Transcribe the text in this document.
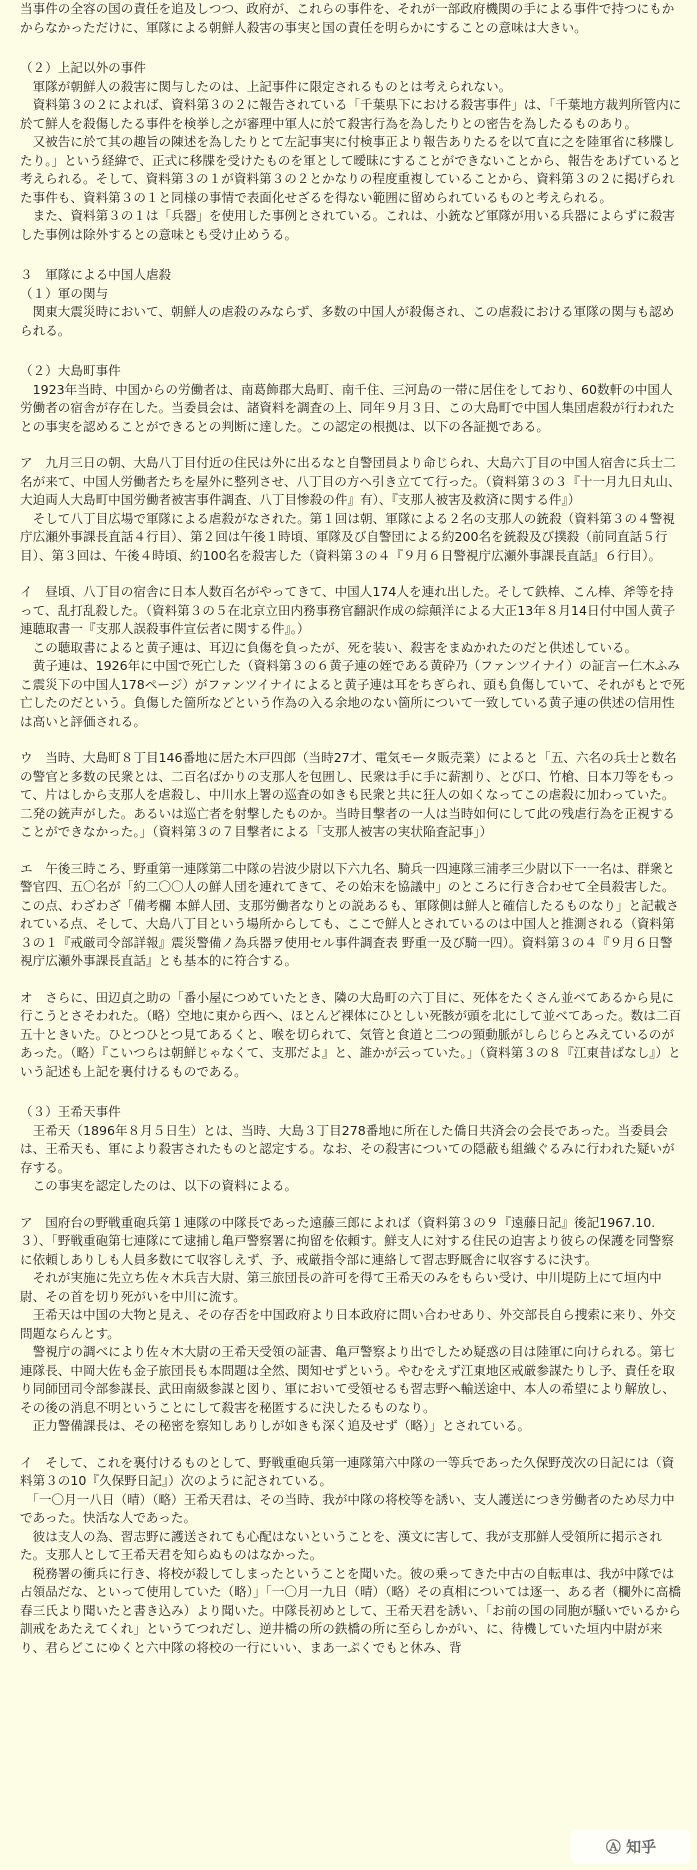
当事件の全容の国の責任を追及しつつ、政府が、これらの事件を、それが一部政府機関の手による事件で持つにもかからなかっただけに、軍隊による朝鮮人殺害の事実と国の責任を明らかにすることの意味は大きい。

（２）上記以外の事件

　軍隊が朝鮮人の殺害に関与したのは、上記事件に限定されるものとは考えられない。

　資料第３の２によれば、資料第３の２に報告されている「千葉県下における殺害事件」は、「千葉地方裁判所管内に於て鮮人を殺傷したる事件を検挙し之が審理中軍人に於て殺害行為を為したりとの密告を為したるものあり。

　又被告に於て其の趣旨の陳述を為したりとて左記事実に付検事正より報告ありたるを以て直に之を陸軍省に移牒したり。」という経緯で、正式に移牒を受けたものを軍として曖昧にすることができないことから、報告をあげていると考えられる。そして、資料第３の１が資料第３の２とかなりの程度重複していることから、資料第３の２に掲げられた事件も、資料第３の１と同様の事情で表面化せざるを得ない範囲に留められているものと考えられる。

　また、資料第３の１は「兵器」を使用した事例とされている。これは、小銃など軍隊が用いる兵器によらずに殺害した事例は除外するとの意味とも受け止めうる。

３　軍隊による中国人虐殺

（１）軍の関与

　関東大震災時において、朝鮮人の虐殺のみならず、多数の中国人が殺傷され、この虐殺における軍隊の関与も認められる。

（２）大島町事件

　1923年当時、中国からの労働者は、南葛飾郡大島町、南千住、三河島の一帯に居住をしており、60数軒の中国人労働者の宿舎が存在した。当委員会は、諸資料を調査の上、同年９月３日、この大島町で中国人集団虐殺が行われたとの事実を認めることができるとの判断に達した。この認定の根拠は、以下の各証拠である。

ア　九月三日の朝、大島八丁目付近の住民は外に出るなと自警団員より命じられ、大島六丁目の中国人宿舎に兵士二名が来て、中国人労働者たちを屋外に整列させ、八丁目の方へ引き立てて行った。（資料第３の３『十一月九日丸山、大迫両人大島町中国労働者被害事件調査、八丁目惨殺の件』有）、『支那人被害及救済に関する件』）

　そして八丁目広場で軍隊による虐殺がなされた。第１回は朝、軍隊による２名の支那人の銃殺（資料第３の４警視庁広瀬外事課長直話４行目）、第２回は午後１時頃、軍隊及び自警団による約200名を銃殺及び撲殺（前同直話５行目）、第３回は、午後４時頃、約100名を殺害した（資料第３の４『９月６日警視庁広瀬外事課長直話』６行目）。

イ　昼頃、八丁目の宿舎に日本人数百名がやってきて、中国人174人を連れ出した。そして鉄棒、こん棒、斧等を持って、乱打乱殺した。（資料第３の５在北京立田内務事務官翻訳作成の綜顛洋による大正13年８月14日付中国人黄子連聴取書一『支那人誤殺事件宣伝者に関する件』。）

　この聴取書によると黄子連は、耳辺に負傷を負ったが、死を装い、殺害をまぬかれたのだと供述している。

　黄子連は、1926年に中国で死亡した（資料第３の６黄子連の姪である黄砕乃（ファンツイナイ）の証言ー仁木ふみこ震災下の中国人178ページ）がファンツイナイによると黄子連は耳をちぎられ、頭も負傷していて、それがもとで死亡したのだという。負傷した箇所などという作為の入る余地のない箇所について一致している黄子連の供述の信用性は高いと評価される。

ウ　当時、大島町８丁目146番地に居た木戸四郎（当時27才、電気モータ販売業）によると「五、六名の兵士と数名の警官と多数の民衆とは、二百名ばかりの支那人を包囲し、民衆は手に手に薪割り、とび口、竹槍、日本刀等をもって、片はしから支那人を虐殺し、中川水上署の巡査の如きも民衆と共に狂人の如くなってこの虐殺に加わっていた。二発の銃声がした。あるいは巡亡者を射撃したものか。当時目撃者の一人は当時如何にして此の残虐行為を正視することができなかった。」（資料第３の７目撃者による「支那人被害の実状陥査記事」）

エ　午後三時ころ、野重第一連隊第二中隊の岩波少尉以下六九名、騎兵一四連隊三浦孝三少尉以下一一名は、群衆と警官四、五〇名が「約二〇〇人の鮮人団を連れてきて、その始末を協議中」のところに行き合わせて全員殺害した。この点、わざわざ「備考欄 本鮮人団、支那労働者なりとの説あるも、軍隊側は鮮人と確信したるものなり」と記載されている点、そして、大島八丁目という場所からしても、ここで鮮人とされているのは中国人と推測される（資料第３の１『戒厳司令部詳報』震災警備ノ為兵器ヲ使用セル事件調査表 野重一及び騎一四）。資料第３の４『９月６日警視庁広瀬外事課長直話』とも基本的に符合する。

オ　さらに、田辺貞之助の「番小屋につめていたとき、隣の大島町の六丁目に、死体をたくさん並べてあるから見に行こうとさそわれた。（略）空地に東から西へ、ほとんど裸体にひとしい死骸が頭を北にして並べてあった。数は二百五十ときいた。ひとつひとつ見てあるくと、喉を切られて、気管と食道と二つの頸動脈がしらじらとみえているのがあった。（略）『こいつらは朝鮮じゃなくて、支那だよ』と、誰かが云っていた。」（資料第３の８『江東昔ばなし』）という記述も上記を裏付けるものである。

（３）王希天事件

　王希天（1896年８月５日生）とは、当時、大島３丁目278番地に所在した僑日共済会の会長であった。当委員会は、王希天も、軍により殺害されたものと認定する。なお、その殺害についての隠蔽も組織ぐるみに行われた疑いが存する。

　この事実を認定したのは、以下の資料による。

ア　国府台の野戦重砲兵第１連隊の中隊長であった遠藤三郎によれば（資料第３の９『遠藤日記』後記1967.10.３）、「野戦重砲第七連隊にて逮捕し亀戸警察署に拘留を依頼す。鮮支人に対する住民の迫害より彼らの保護を同警察に依頼しありしも人員多数にて収容しえず、予、戒厳指令部に連絡して習志野厩舎に収容するに決す。

　それが実施に先立ち佐々木兵吉大尉、第三旅団長の許可を得て王希天のみをもらい受け、中川堤防上にて垣内中尉、その首を切り死がいを中川に流す。

　王希天は中国の大物と見え、その存否を中国政府より日本政府に問い合わせあり、外交部長自ら捜索に来り、外交問題ならんとす。

　警視庁の調べにより佐々木大尉の王希天受領の証書、亀戸警察より出でしため疑惑の目は陸軍に向けられる。第七連隊長、中岡大佐も金子旅団長も本問題は全然、関知せずという。やむをえず江東地区戒厳参謀たりし予、責任を取り同師団司令部参謀長、武田南級参謀と図り、軍において受領せるも習志野へ輸送途中、本人の希望により解放し、その後の消息不明ということにして殺害を秘匿するに決したるものなり。

　正力警備課長は、その秘密を察知しありしが如きも深く追及せず（略）」とされている。

イ　そして、これを裏付けるものとして、野戦重砲兵第一連隊第六中隊の一等兵であった久保野茂次の日記には（資料第３の10『久保野日記』）次のように記されている。

　「一〇月一八日（晴）（略）王希天君は、その当時、我が中隊の将校等を誘い、支人護送につき労働者のため尽力中であった。快活な人であった。

　彼は支人の為、習志野に護送されても心配はないということを、漢文に害して、我が支那鮮人受領所に掲示された。支那人として王希天君を知らぬものはなかった。

　税務署の衝兵に行き、将校が殺してしまったということを聞いた。彼の乗ってきた中古の自転車は、我が中隊では占領品だな、といって使用していた（略）」「一〇月一九日（晴）（略）その真相については逐一、ある者（欄外に高橋春三氏より聞いたと書き込み）より聞いた。中隊長初めとして、王希天君を誘い、「お前の国の同胞が騒いでいるから訓戒をあたえてくれ」というてつれだし、逆井橋の所の鉄橋の所に至らしかがい、に、待機していた垣内中尉が来り、君らどこにゆくと六中隊の将校の一行にいい、まあ一ぷくでもと休み、背

Ⓐ 知乎
